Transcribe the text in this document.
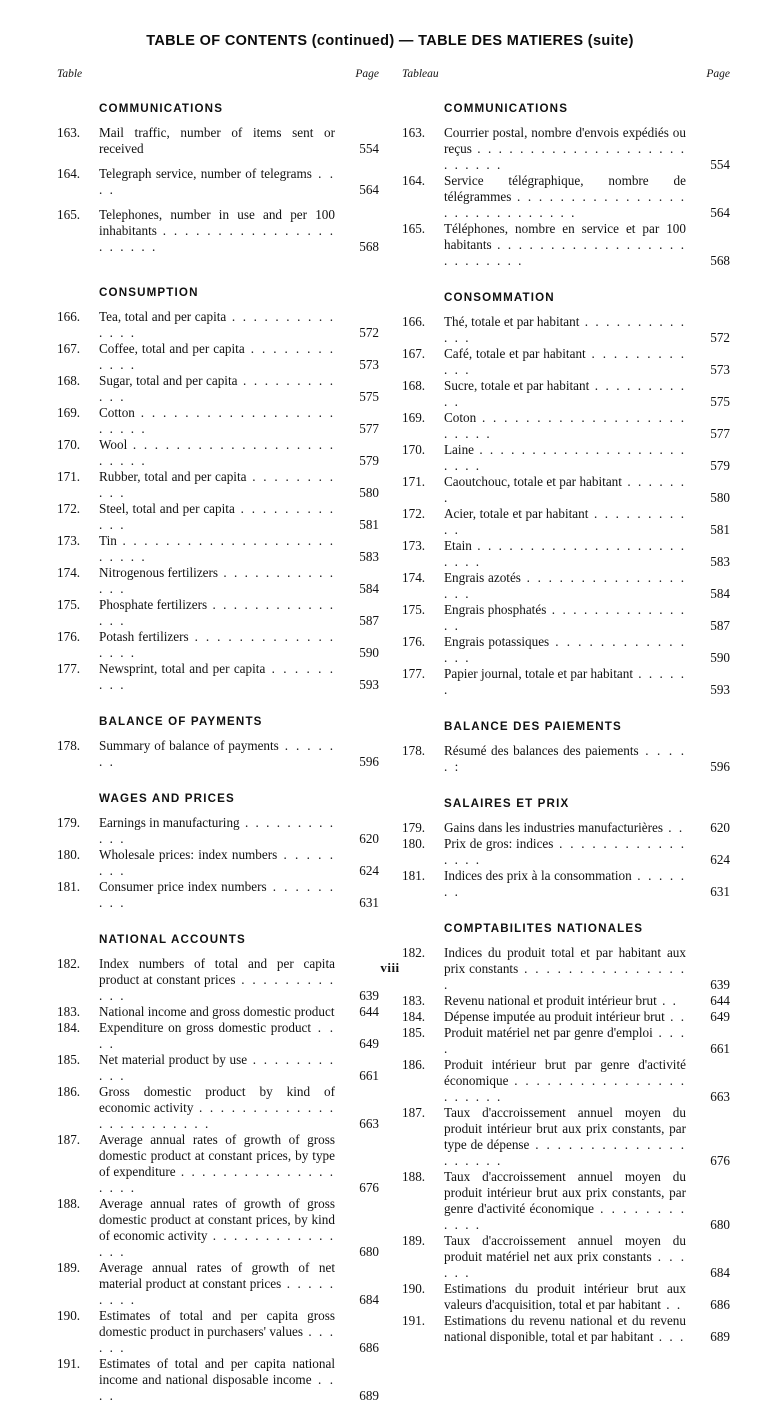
TABLE OF CONTENTS (continued) — TABLE DES MATIERES (suite)
Table	Page
COMMUNICATIONS
163.	Mail traffic, number of items sent or received	554
164.	Telegraph service, number of telegrams . . . .	564
165.	Telephones, number in use and per 100 inhabitants . . . . . . . . . . . . . . . . . . . . . .	568
CONSUMPTION
166.	Tea, total and per capita . . . . . . . . . . . . . .	572
167.	Coffee, total and per capita . . . . . . . . . . . .	573
168.	Sugar, total and per capita . . . . . . . . . . . .	575
169.	Cotton . . . . . . . . . . . . . . . . . . . . . . .	577
170.	Wool . . . . . . . . . . . . . . . . . . . . . . . .	579
171.	Rubber, total and per capita . . . . . . . . . . .	580
172.	Steel, total and per capita . . . . . . . . . . . .	581
173.	Tin . . . . . . . . . . . . . . . . . . . . . . . . .	583
174.	Nitrogenous fertilizers . . . . . . . . . . . . . .	584
175.	Phosphate fertilizers . . . . . . . . . . . . . . .	587
176.	Potash fertilizers . . . . . . . . . . . . . . . . .	590
177.	Newsprint, total and per capita . . . . . . . . .	593
BALANCE OF PAYMENTS
178.	Summary of balance of payments . . . . . . .	596
WAGES AND PRICES
179.	Earnings in manufacturing . . . . . . . . . . . .	620
180.	Wholesale prices: index numbers . . . . . . . .	624
181.	Consumer price index numbers . . . . . . . . .	631
NATIONAL ACCOUNTS
182.	Index numbers of total and per capita product at constant prices . . . . . . . . . . . .	639
183.	National income and gross domestic product	644
184.	Expenditure on gross domestic product . . . .	649
185.	Net material product by use . . . . . . . . . . .	661
186.	Gross domestic product by kind of economic activity . . . . . . . . . . . . . . . . . . . . . . . .	663
187.	Average annual rates of growth of gross domestic product at constant prices, by type of expenditure . . . . . . . . . . . . . . . . . . .	676
188.	Average annual rates of growth of gross domestic product at constant prices, by kind of economic activity . . . . . . . . . . . . . . .	680
189.	Average annual rates of growth of net material product at constant prices . . . . . . . . .	684
190.	Estimates of total and per capita gross domestic product in purchasers' values . . . . . .	686
191.	Estimates of total and per capita national income and national disposable income . . . .	689
Tableau	Page
COMMUNICATIONS
163.	Courrier postal, nombre d'envois expédiés ou reçus . . . . . . . . . . . . . . . . . . . . . . . . . .	554
164.	Service télégraphique, nombre de télégrammes . . . . . . . . . . . . . . . . . . . . . . . . . . . . .	564
165.	Téléphones, nombre en service et par 100 habitants . . . . . . . . . . . . . . . . . . . . . . . . . .	568
CONSOMMATION
166.	Thé, totale et par habitant . . . . . . . . . . . . .	572
167.	Café, totale et par habitant . . . . . . . . . . . .	573
168.	Sucre, totale et par habitant . . . . . . . . . . .	575
169.	Coton . . . . . . . . . . . . . . . . . . . . . . . .	577
170.	Laine . . . . . . . . . . . . . . . . . . . . . . . .	579
171.	Caoutchouc, totale et par habitant . . . . . . .	580
172.	Acier, totale et par habitant . . . . . . . . . . .	581
173.	Etain . . . . . . . . . . . . . . . . . . . . . . . .	583
174.	Engrais azotés . . . . . . . . . . . . . . . . . .	584
175.	Engrais phosphatés . . . . . . . . . . . . . . .	587
176.	Engrais potassiques . . . . . . . . . . . . . . .	590
177.	Papier journal, totale et par habitant . . . . . .	593
BALANCE DES PAIEMENTS
178.	Résumé des balances des paiements . . . . . :	596
SALAIRES ET PRIX
179.	Gains dans les industries manufacturières . .	620
180.	Prix de gros: indices . . . . . . . . . . . . . . . .	624
181.	Indices des prix à la consommation . . . . . . .	631
COMPTABILITES NATIONALES
182.	Indices du produit total et par habitant aux prix constants . . . . . . . . . . . . . . . .	639
183.	Revenu national et produit intérieur brut . .	644
184.	Dépense imputée au produit intérieur brut . .	649
185.	Produit matériel net par genre d'emploi . . . .	661
186.	Produit intérieur brut par genre d'activité économique . . . . . . . . . . . . . . . . . . . . . .	663
187.	Taux d'accroissement annuel moyen du produit intérieur brut aux prix constants, par type de dépense . . . . . . . . . . . . . . . . . . . .	676
188.	Taux d'accroissement annuel moyen du produit intérieur brut aux prix constants, par genre d'activité économique . . . . . . . . . . . .	680
189.	Taux d'accroissement annuel moyen du produit matériel net aux prix constants . . . . . .	684
190.	Estimations du produit intérieur brut aux valeurs d'acquisition, total et par habitant . .	686
191.	Estimations du revenu national et du revenu national disponible, total et par habitant . . .	689
viii
